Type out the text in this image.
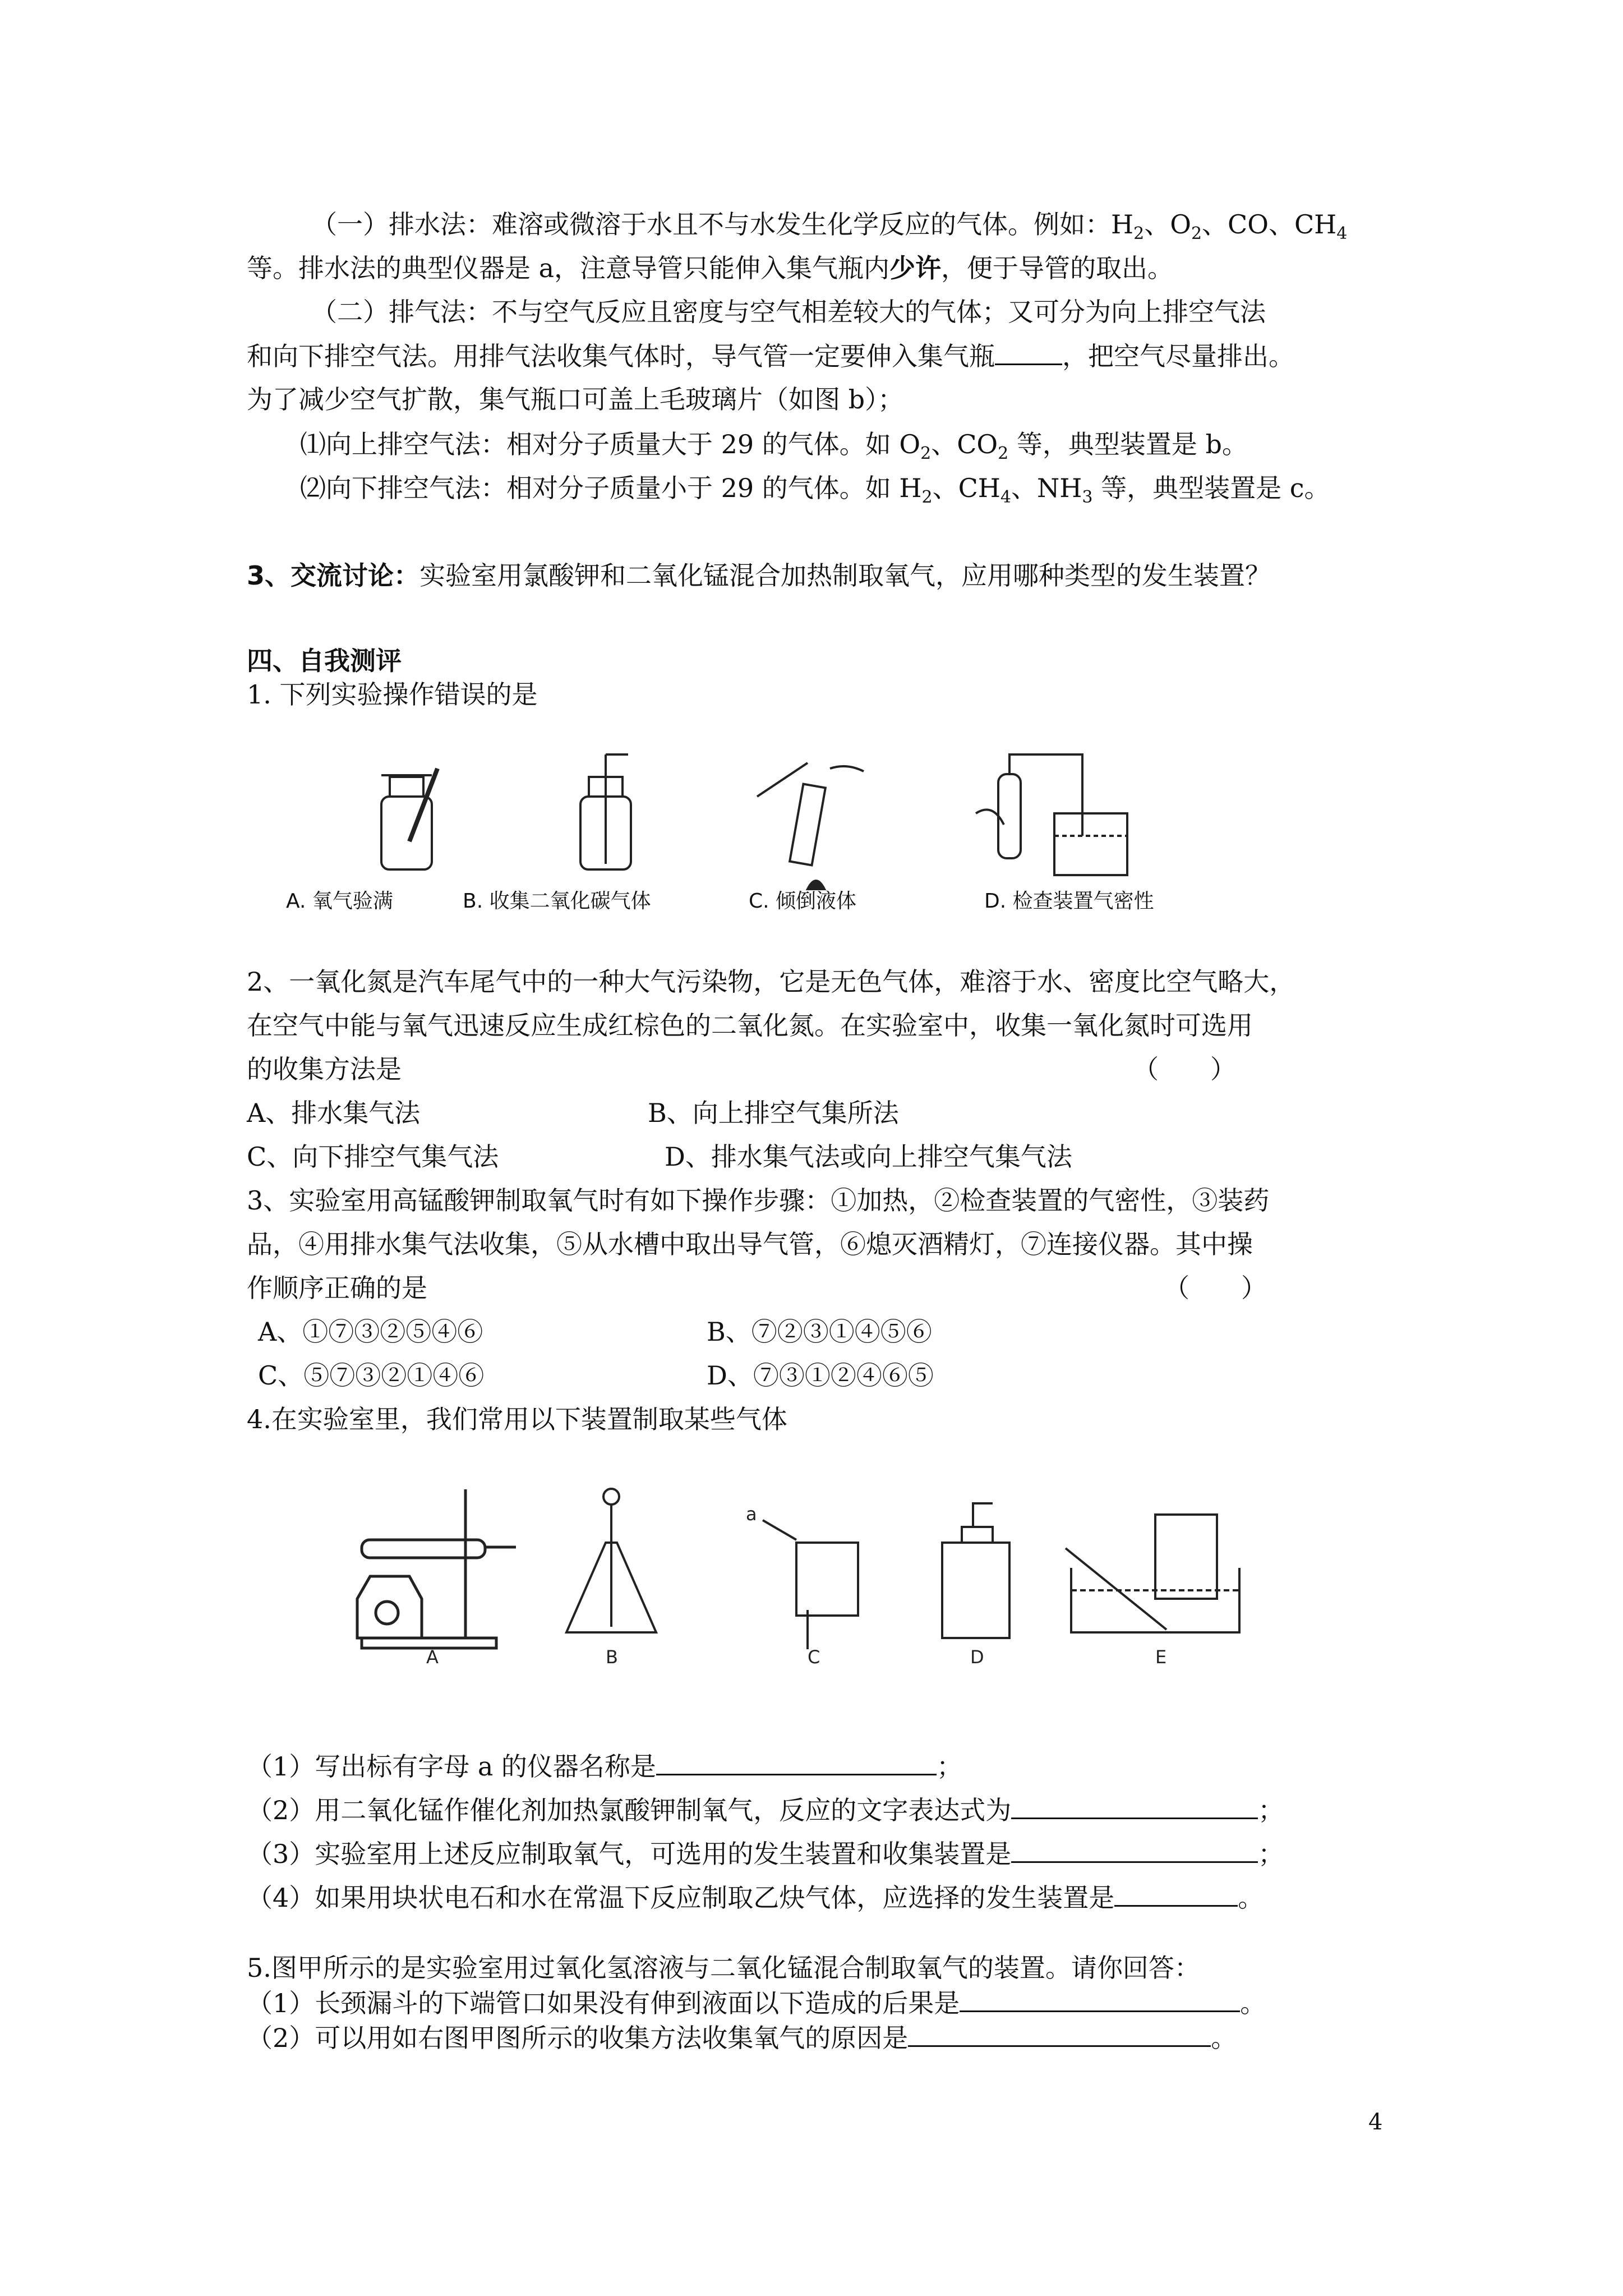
（一）排水法：难溶或微溶于水且不与水发生化学反应的气体。例如：$H_2$、$O_2$、CO、$CH_4$
等。排水法的典型仪器是 a，注意导管只能伸入集气瓶内少许，便于导管的取出。
（二）排气法：不与空气反应且密度与空气相差较大的气体；又可分为向上排空气法
和向下排空气法。用排气法收集气体时，导气管一定要伸入集气瓶	，把空气尽量排出。
为了减少空气扩散，集气瓶口可盖上毛玻璃片（如图 b）；
⑴向上排空气法：相对分子质量大于 29 的气体。如 $O_2$、$CO_2$ 等，典型装置是 b。
⑵向下排空气法：相对分子质量小于 29 的气体。如 $H_2$、$CH_4$、$NH_3$ 等，典型装置是 c。
3、交流讨论：实验室用氯酸钾和二氧化锰混合加热制取氧气，应用哪种类型的发生装置？
四、自我测评
1. 下列实验操作错误的是
A. 氧气验满	B. 收集二氧化碳气体	C. 倾倒液体	D. 检查装置气密性
2、一氧化氮是汽车尾气中的一种大气污染物，它是无色气体，难溶于水、密度比空气略大，
在空气中能与氧气迅速反应生成红棕色的二氧化氮。在实验室中，收集一氧化氮时可选用
的收集方法是	（　　）
A、排水集气法	B、向上排空气集所法
C、向下排空气集气法	D、排水集气法或向上排空气集气法
3、实验室用高锰酸钾制取氧气时有如下操作步骤：①加热，②检查装置的气密性，③装药
品，④用排水集气法收集，⑤从水槽中取出导气管，⑥熄灭酒精灯，⑦连接仪器。其中操
作顺序正确的是	（　　）
A、①⑦③②⑤④⑥	B、⑦②③①④⑤⑥
C、⑤⑦③②①④⑥	D、⑦③①②④⑥⑤
4.在实验室里，我们常用以下装置制取某些气体
A	B	C	D	E
a
（1）写出标有字母 a 的仪器名称是	；
（2）用二氧化锰作催化剂加热氯酸钾制氧气，反应的文字表达式为	；
（3）实验室用上述反应制取氧气，可选用的发生装置和收集装置是	；
（4）如果用块状电石和水在常温下反应制取乙炔气体，应选择的发生装置是	。
5.图甲所示的是实验室用过氧化氢溶液与二氧化锰混合制取氧气的装置。请你回答：
（1）长颈漏斗的下端管口如果没有伸到液面以下造成的后果是	。
（2）可以用如右图甲图所示的收集方法收集氧气的原因是	。
4
